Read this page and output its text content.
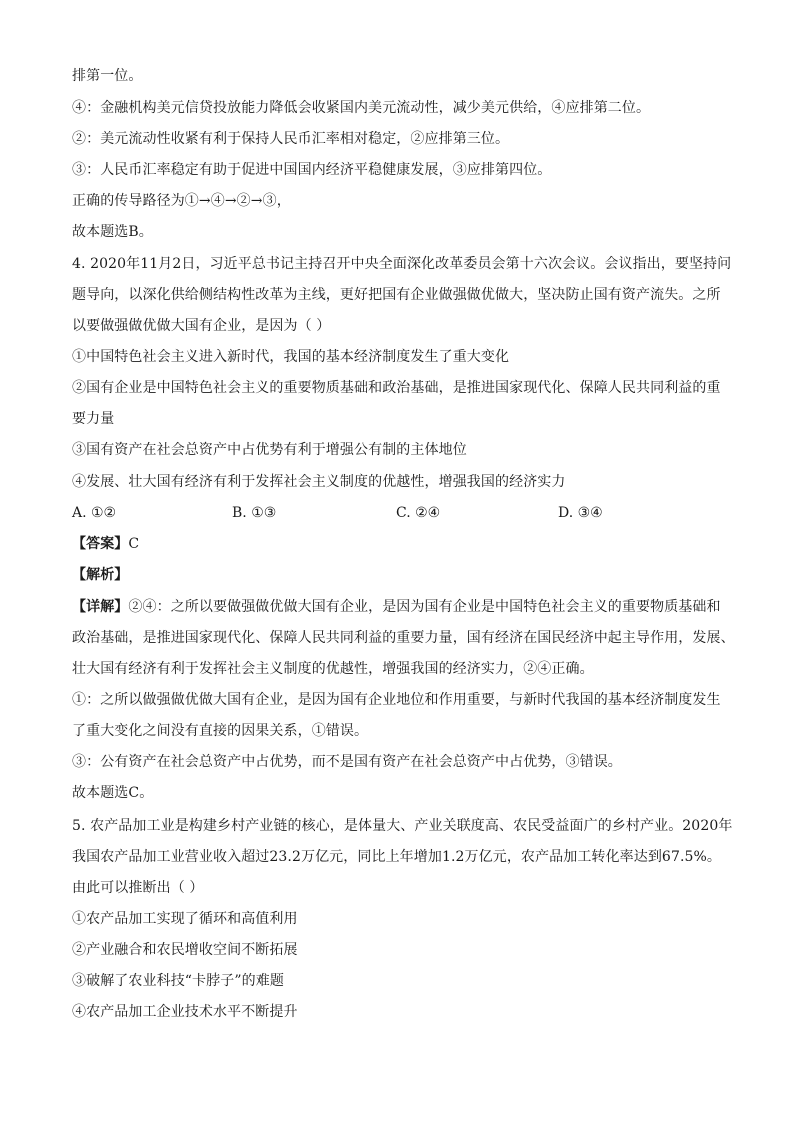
排第一位。
④：金融机构美元信贷投放能力降低会收紧国内美元流动性，减少美元供给，④应排第二位。
②：美元流动性收紧有利于保持人民币汇率相对稳定，②应排第三位。
③：人民币汇率稳定有助于促进中国国内经济平稳健康发展，③应排第四位。
正确的传导路径为①→④→②→③，
故本题选B。
4. 2020年11月2日，习近平总书记主持召开中央全面深化改革委员会第十六次会议。会议指出，要坚持问
题导向，以深化供给侧结构性改革为主线，更好把国有企业做强做优做大，坚决防止国有资产流失。之所
以要做强做优做大国有企业，是因为（ ）
①中国特色社会主义进入新时代，我国的基本经济制度发生了重大变化
②国有企业是中国特色社会主义的重要物质基础和政治基础，是推进国家现代化、保障人民共同利益的重
要力量
③国有资产在社会总资产中占优势有利于增强公有制的主体地位
④发展、壮大国有经济有利于发挥社会主义制度的优越性，增强我国的经济实力
A. ①②	B. ①③	C. ②④	D. ③④
【答案】C
【解析】
【详解】②④：之所以要做强做优做大国有企业，是因为国有企业是中国特色社会主义的重要物质基础和
政治基础，是推进国家现代化、保障人民共同利益的重要力量，国有经济在国民经济中起主导作用，发展、
壮大国有经济有利于发挥社会主义制度的优越性，增强我国的经济实力，②④正确。
①：之所以做强做优做大国有企业，是因为国有企业地位和作用重要，与新时代我国的基本经济制度发生
了重大变化之间没有直接的因果关系，①错误。
③：公有资产在社会总资产中占优势，而不是国有资产在社会总资产中占优势，③错误。
故本题选C。
5. 农产品加工业是构建乡村产业链的核心，是体量大、产业关联度高、农民受益面广的乡村产业。2020年
我国农产品加工业营业收入超过23.2万亿元，同比上年增加1.2万亿元，农产品加工转化率达到67.5%。
由此可以推断出（ ）
①农产品加工实现了循环和高值利用
②产业融合和农民增收空间不断拓展
③破解了农业科技“卡脖子”的难题
④农产品加工企业技术水平不断提升
